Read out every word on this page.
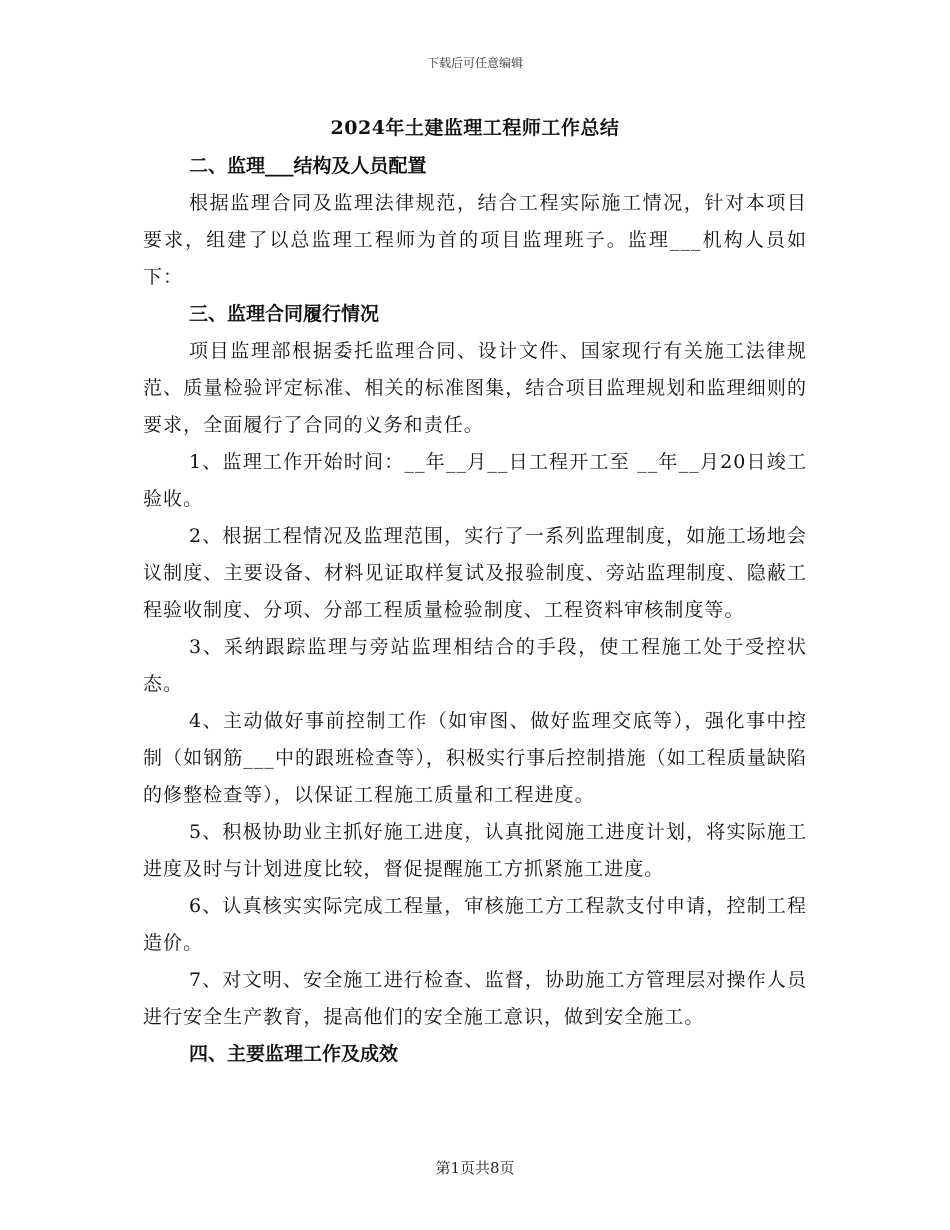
下载后可任意编辑
2024年土建监理工程师工作总结
二、监理___结构及人员配置

根据监理合同及监理法律规范，结合工程实际施工情况，针对本项目要求，组建了以总监理工程师为首的项目监理班子。监理___机构人员如下：

三、监理合同履行情况

项目监理部根据委托监理合同、设计文件、国家现行有关施工法律规范、质量检验评定标准、相关的标准图集，结合项目监理规划和监理细则的要求，全面履行了合同的义务和责任。

1、监理工作开始时间：__年__月__日工程开工至 __年__月20日竣工验收。

2、根据工程情况及监理范围，实行了一系列监理制度，如施工场地会议制度、主要设备、材料见证取样复试及报验制度、旁站监理制度、隐蔽工程验收制度、分项、分部工程质量检验制度、工程资料审核制度等。

3、采纳跟踪监理与旁站监理相结合的手段，使工程施工处于受控状态。

4、主动做好事前控制工作（如审图、做好监理交底等），强化事中控制（如钢筋___中的跟班检查等），积极实行事后控制措施（如工程质量缺陷的修整检查等），以保证工程施工质量和工程进度。

5、积极协助业主抓好施工进度，认真批阅施工进度计划，将实际施工进度及时与计划进度比较，督促提醒施工方抓紧施工进度。

6、认真核实实际完成工程量，审核施工方工程款支付申请，控制工程造价。

7、对文明、安全施工进行检查、监督，协助施工方管理层对操作人员进行安全生产教育，提高他们的安全施工意识，做到安全施工。

四、主要监理工作及成效
第1页共8页
